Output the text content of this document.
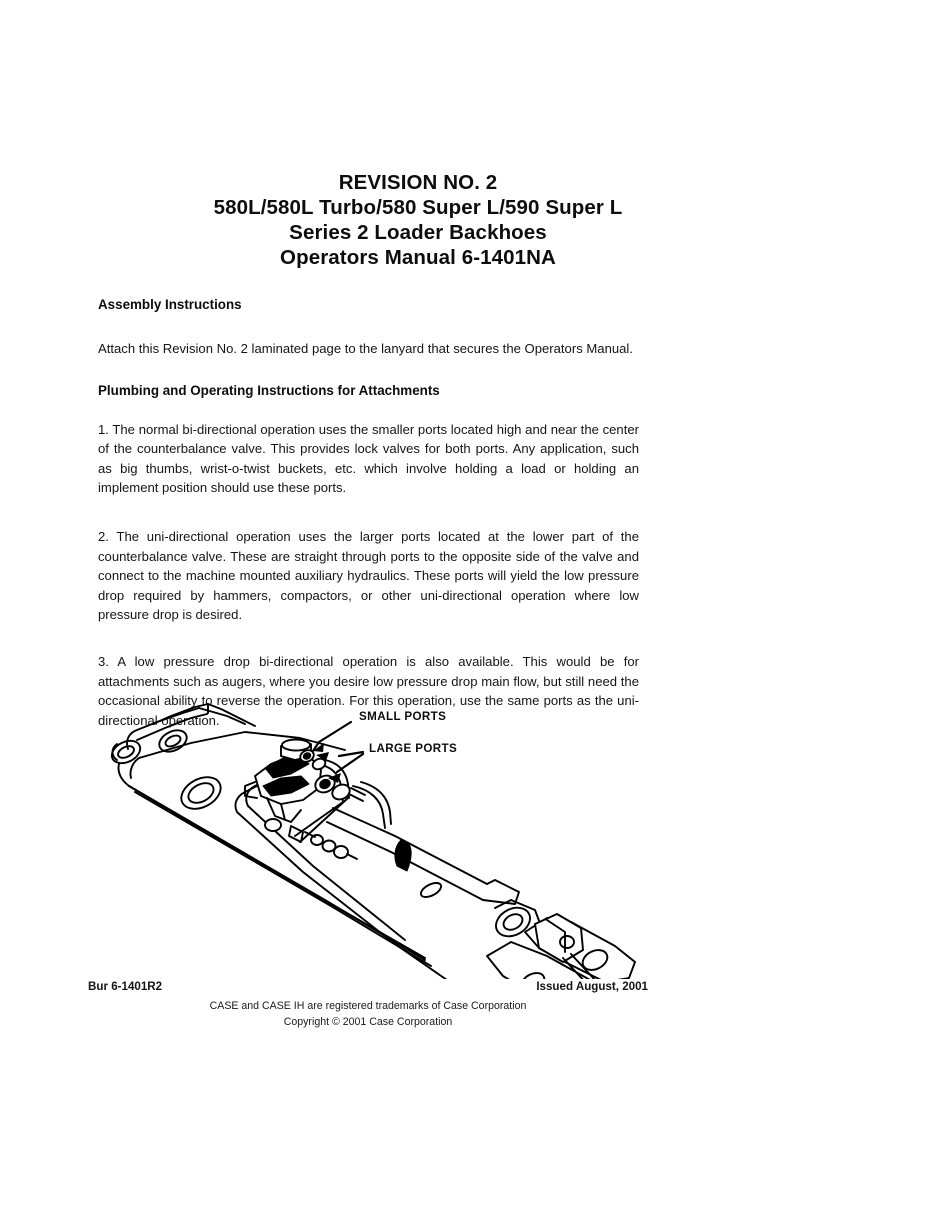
REVISION NO. 2
580L/580L Turbo/580 Super L/590 Super L
Series 2 Loader Backhoes
Operators Manual 6-1401NA
Assembly Instructions

Attach this Revision No. 2 laminated page to the lanyard that secures the Operators Manual.

Plumbing and Operating Instructions for Attachments

1. The normal bi-directional operation uses the smaller ports located high and near the center of the counterbalance valve. This provides lock valves for both ports. Any application, such as big thumbs, wrist-o-twist buckets, etc. which involve holding a load or holding an implement position should use these ports.

2. The uni-directional operation uses the larger ports located at the lower part of the counterbalance valve. These are straight through ports to the opposite side of the valve and connect to the machine mounted auxiliary hydraulics. These ports will yield the low pressure drop required by hammers, compactors, or other uni-directional operation where low pressure drop is desired.

3. A low pressure drop bi-directional operation is also available. This would be for attachments such as augers, where you desire low pressure drop main flow, but still need the occasional ability to reverse the operation. For this operation, use the same ports as the uni-directional operation.	SMALL PORTS
LARGE PORTS
Bur 6-1401R2	Issued August, 2001
CASE and CASE IH are registered trademarks of Case Corporation
Copyright © 2001 Case Corporation
